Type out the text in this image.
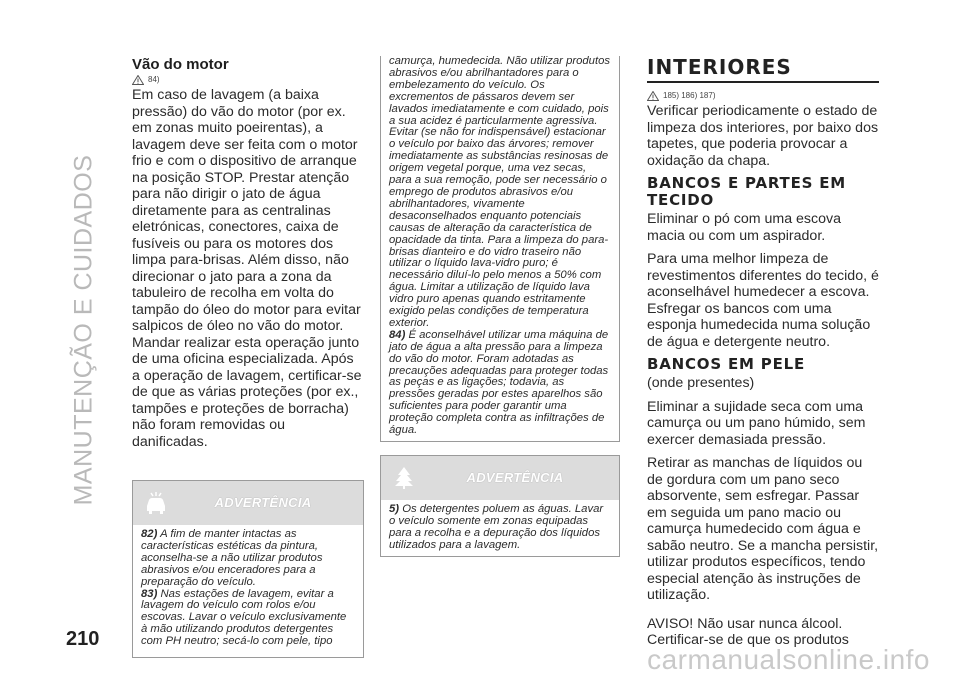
MANUTENÇÃO E CUIDADOS
210
Vão do motor
84)

Em caso de lavagem (a baixa pressão) do vão do motor (por ex. em zonas muito poeirentas), a lavagem deve ser feita com o motor frio e com o dispositivo de arranque na posição STOP. Prestar atenção para não dirigir o jato de água diretamente para as centralinas eletrónicas, conectores, caixa de fusíveis ou para os motores dos limpa para-brisas. Além disso, não direcionar o jato para a zona da tabuleiro de recolha em volta do tampão do óleo do motor para evitar salpicos de óleo no vão do motor. Mandar realizar esta operação junto de uma oficina especializada. Após a operação de lavagem, certificar-se de que as várias proteções (por ex., tampões e proteções de borracha) não foram removidas ou danificadas.

ADVERTÊNCIA
82) A fim de manter intactas as características estéticas da pintura, aconselha-se a não utilizar produtos abrasivos e/ou enceradores para a preparação do veículo.
83) Nas estações de lavagem, evitar a lavagem do veículo com rolos e/ou escovas. Lavar o veículo exclusivamente à mão utilizando produtos detergentes com PH neutro; secá-lo com pele, tipo

camurça, humedecida. Não utilizar produtos abrasivos e/ou abrilhantadores para o embelezamento do veículo. Os excrementos de pássaros devem ser lavados imediatamente e com cuidado, pois a sua acidez é particularmente agressiva. Evitar (se não for indispensável) estacionar o veículo por baixo das árvores; remover imediatamente as substâncias resinosas de origem vegetal porque, uma vez secas, para a sua remoção, pode ser necessário o emprego de produtos abrasivos e/ou abrilhantadores, vivamente desaconselhados enquanto potenciais causas de alteração da característica de opacidade da tinta. Para a limpeza do para-brisas dianteiro e do vidro traseiro não utilizar o líquido lava-vidro puro; é necessário diluí-lo pelo menos a 50% com água. Limitar a utilização de líquido lava vidro puro apenas quando estritamente exigido pelas condições de temperatura exterior.

84) É aconselhável utilizar uma máquina de jato de água a alta pressão para a limpeza do vão do motor. Foram adotadas as precauções adequadas para proteger todas as peças e as ligações; todavia, as pressões geradas por estes aparelhos são suficientes para poder garantir uma proteção completa contra as infiltrações de água.

ADVERTÊNCIA
5) Os detergentes poluem as águas. Lavar o veículo somente em zonas equipadas para a recolha e a depuração dos líquidos utilizados para a lavagem.
INTERIORES
185) 186) 187)

Verificar periodicamente o estado de limpeza dos interiores, por baixo dos tapetes, que poderia provocar a oxidação da chapa.

BANCOS E PARTES EM TECIDO

Eliminar o pó com uma escova macia ou com um aspirador.

Para uma melhor limpeza de revestimentos diferentes do tecido, é aconselhável humedecer a escova. Esfregar os bancos com uma esponja humedecida numa solução de água e detergente neutro.

BANCOS EM PELE

(onde presentes)

Eliminar a sujidade seca com uma camurça ou um pano húmido, sem exercer demasiada pressão.

Retirar as manchas de líquidos ou de gordura com um pano seco absorvente, sem esfregar. Passar em seguida um pano macio ou camurça humedecido com água e sabão neutro. Se a mancha persistir, utilizar produtos específicos, tendo especial atenção às instruções de utilização.

AVISO! Não usar nunca álcool. Certificar-se de que os produtos

carmanualsonline.info
